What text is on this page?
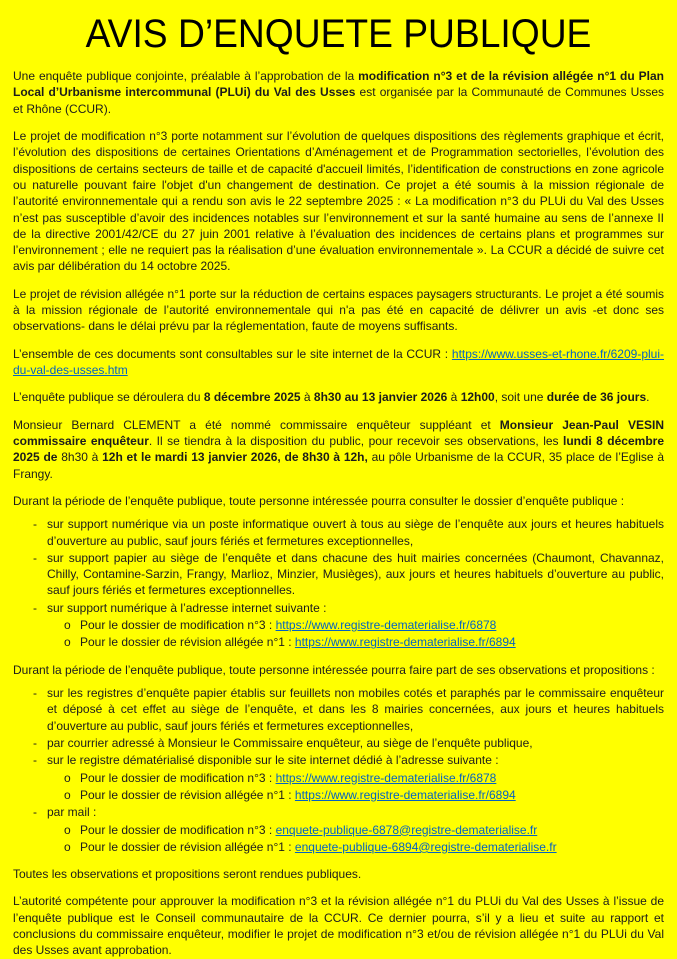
AVIS D’ENQUETE PUBLIQUE
Une enquête publique conjointe, préalable à l’approbation de la modification n°3 et de la révision allégée n°1 du Plan Local d’Urbanisme intercommunal (PLUi) du Val des Usses est organisée par la Communauté de Communes Usses et Rhône (CCUR).
Le projet de modification n°3 porte notamment sur l’évolution de quelques dispositions des règlements graphique et écrit, l’évolution des dispositions de certaines Orientations d’Aménagement et de Programmation sectorielles, l’évolution des dispositions de certains secteurs de taille et de capacité d'accueil limités, l’identification de constructions en zone agricole ou naturelle pouvant faire l'objet d'un changement de destination. Ce projet a été soumis à la mission régionale de l’autorité environnementale qui a rendu son avis le 22 septembre 2025 : « La modification n°3 du PLUi du Val des Usses n’est pas susceptible d’avoir des incidences notables sur l’environnement et sur la santé humaine au sens de l’annexe II de la directive 2001/42/CE du 27 juin 2001 relative à l’évaluation des incidences de certains plans et programmes sur l’environnement ; elle ne requiert pas la réalisation d’une évaluation environnementale ». La CCUR a décidé de suivre cet avis par délibération du 14 octobre 2025.
Le projet de révision allégée n°1 porte sur la réduction de certains espaces paysagers structurants. Le projet a été soumis à la mission régionale de l’autorité environnementale qui n'a pas été en capacité de délivrer un avis -et donc ses observations- dans le délai prévu par la réglementation, faute de moyens suffisants.
L’ensemble de ces documents sont consultables sur le site internet de la CCUR : https://www.usses-et-rhone.fr/6209-plui-du-val-des-usses.htm
L’enquête publique se déroulera du 8 décembre 2025 à 8h30 au 13 janvier 2026 à 12h00, soit une durée de 36 jours.
Monsieur Bernard CLEMENT a été nommé commissaire enquêteur suppléant et Monsieur Jean-Paul VESIN commissaire enquêteur. Il se tiendra à la disposition du public, pour recevoir ses observations, les lundi 8 décembre 2025 de 8h30 à 12h et le mardi 13 janvier 2026, de 8h30 à 12h, au pôle Urbanisme de la CCUR, 35 place de l’Eglise à Frangy.
Durant la période de l’enquête publique, toute personne intéressée pourra consulter le dossier d’enquête publique :
- sur support numérique via un poste informatique ouvert à tous au siège de l’enquête aux jours et heures habituels d’ouverture au public, sauf jours fériés et fermetures exceptionnelles,
- sur support papier au siège de l’enquête et dans chacune des huit mairies concernées (Chaumont, Chavannaz, Chilly, Contamine-Sarzin, Frangy, Marlioz, Minzier, Musièges), aux jours et heures habituels d’ouverture au public, sauf jours fériés et fermetures exceptionnelles.
- sur support numérique à l’adresse internet suivante :
o Pour le dossier de modification n°3 : https://www.registre-dematerialise.fr/6878
o Pour le dossier de révision allégée n°1 : https://www.registre-dematerialise.fr/6894
Durant la période de l’enquête publique, toute personne intéressée pourra faire part de ses observations et propositions :
- sur les registres d’enquête papier établis sur feuillets non mobiles cotés et paraphés par le commissaire enquêteur et déposé à cet effet au siège de l’enquête, et dans les 8 mairies concernées, aux jours et heures habituels d’ouverture au public, sauf jours fériés et fermetures exceptionnelles,
- par courrier adressé à Monsieur le Commissaire enquêteur, au siège de l’enquête publique,
- sur le registre dématérialisé disponible sur le site internet dédié à l’adresse suivante :
o Pour le dossier de modification n°3 : https://www.registre-dematerialise.fr/6878
o Pour le dossier de révision allégée n°1 : https://www.registre-dematerialise.fr/6894
- par mail :
o Pour le dossier de modification n°3 : enquete-publique-6878@registre-dematerialise.fr
o Pour le dossier de révision allégée n°1 : enquete-publique-6894@registre-dematerialise.fr
Toutes les observations et propositions seront rendues publiques.
L’autorité compétente pour approuver la modification n°3 et la révision allégée n°1 du PLUi du Val des Usses à l’issue de l’enquête publique est le Conseil communautaire de la CCUR. Ce dernier pourra, s’il y a lieu et suite au rapport et conclusions du commissaire enquêteur, modifier le projet de modification n°3 et/ou de révision allégée n°1 du PLUi du Val des Usses avant approbation.
